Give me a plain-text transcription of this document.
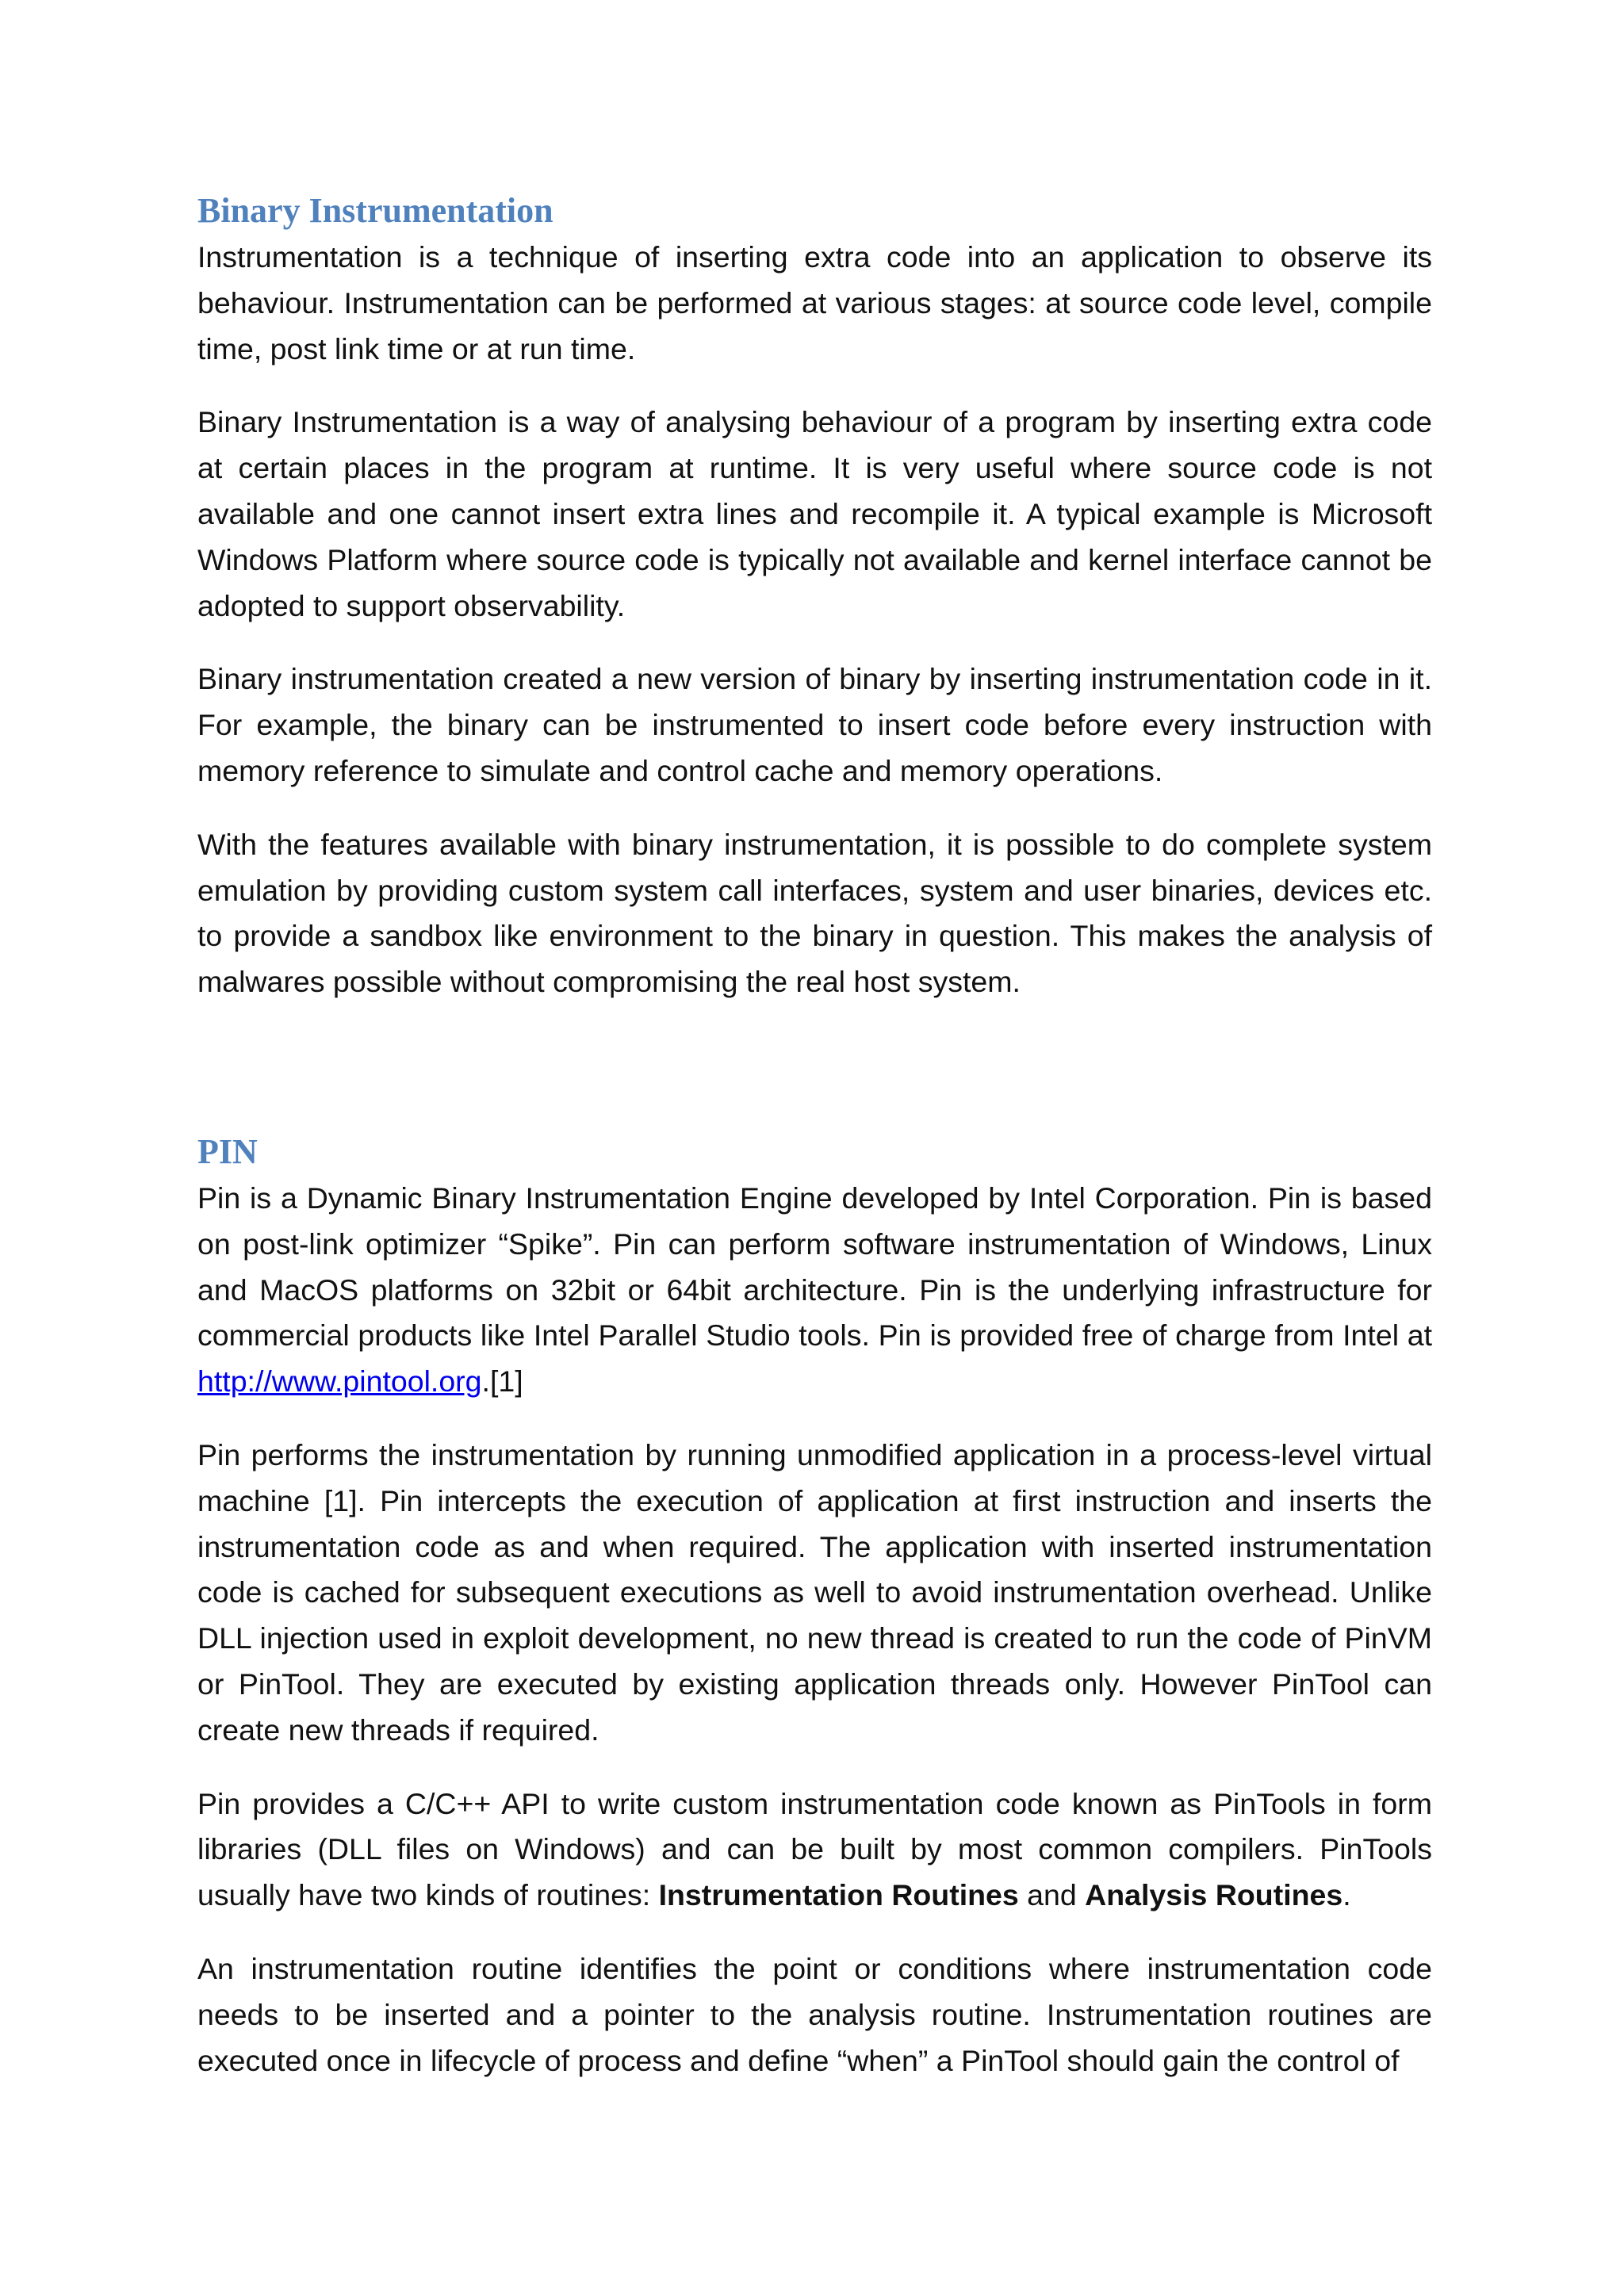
Binary Instrumentation

Instrumentation is a technique of inserting extra code into an application to observe its behaviour. Instrumentation can be performed at various stages: at source code level, compile time, post link time or at run time.

Binary Instrumentation is a way of analysing behaviour of a program by inserting extra code at certain places in the program at runtime. It is very useful where source code is not available and one cannot insert extra lines and recompile it. A typical example is Microsoft Windows Platform where source code is typically not available and kernel interface cannot be adopted to support observability.

Binary instrumentation created a new version of binary by inserting instrumentation code in it. For example, the binary can be instrumented to insert code before every instruction with memory reference to simulate and control cache and memory operations.

With the features available with binary instrumentation, it is possible to do complete system emulation by providing custom system call interfaces, system and user binaries, devices etc. to provide a sandbox like environment to the binary in question. This makes the analysis of malwares possible without compromising the real host system.

PIN

Pin is a Dynamic Binary Instrumentation Engine developed by Intel Corporation. Pin is based on post-link optimizer “Spike”. Pin can perform software instrumentation of Windows, Linux and MacOS platforms on 32bit or 64bit architecture. Pin is the underlying infrastructure for commercial products like Intel Parallel Studio tools. Pin is provided free of charge from Intel at http://www.pintool.org.[1]

Pin performs the instrumentation by running unmodified application in a process-level virtual machine [1]. Pin intercepts the execution of application at first instruction and inserts the instrumentation code as and when required. The application with inserted instrumentation code is cached for subsequent executions as well to avoid instrumentation overhead. Unlike DLL injection used in exploit development, no new thread is created to run the code of PinVM or PinTool. They are executed by existing application threads only. However PinTool can create new threads if required.

Pin provides a C/C++ API to write custom instrumentation code known as PinTools in form libraries (DLL files on Windows) and can be built by most common compilers. PinTools usually have two kinds of routines: Instrumentation Routines and Analysis Routines.

An instrumentation routine identifies the point or conditions where instrumentation code needs to be inserted and a pointer to the analysis routine. Instrumentation routines are executed once in lifecycle of process and define “when” a PinTool should gain the control of
